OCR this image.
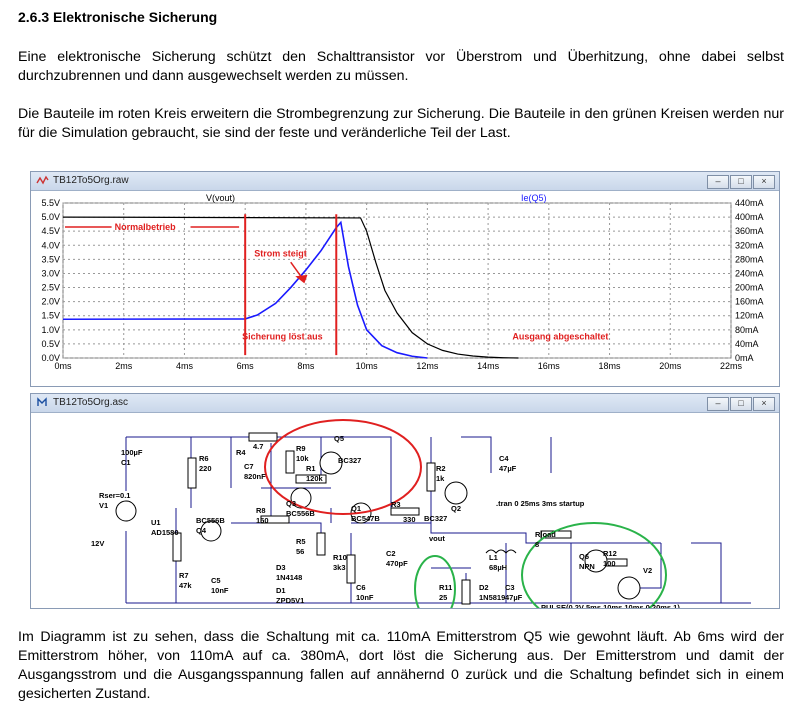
2.6.3 Elektronische Sicherung
Eine elektronische Sicherung schützt den Schalttransistor vor Überstrom und Überhitzung, ohne dabei selbst durchzubrennen und dann ausgewechselt werden zu müssen.
Die Bauteile im roten Kreis erweitern die Strombegrenzung zur Sicherung. Die Bauteile in den grünen Kreisen werden nur für die Simulation gebraucht, sie sind der feste und veränderliche Teil der Last.
TB12To5Org.raw	–	□	×
0.0V	0mA
0.5V	40mA
1.0V	80mA
1.5V	120mA
2.0V	160mA
2.5V	200mA
3.0V	240mA
3.5V	280mA
4.0V	320mA
4.5V	360mA
5.0V	400mA
5.5V	440mA
0ms	2ms	4ms	6ms	8ms	10ms	12ms	14ms	16ms	18ms	20ms	22ms
V(vout)	Ie(Q5)
Normalbetrieb
Strom steigt
Sicherung löst aus	Ausgang abgeschaltet
TB12To5Org.asc	–	□	×
100µF C1	R6 220
Rser=0.1 V1
12V
U1 AD1580
BC556B Q4
R8 150
R7 47k
C5 10nF
R5 56
D3 1N4148
D1 ZPD5V1
R4
4.7	R9 10k
C7 820nF
R1 120k
Q5
BC327
Q3 BC556B
Q1 BC547B
R10 3k3
C6 10nF
R3
330 BC327
Q2
R2 1k
C4 47µF
.tran 0 25ms 3ms startup
vout
C2 470pF
L1 68µH
R11 25
D2 1N5819
C3 47µF
Rload 8
Q6 NPN
R12 100
V2
PULSE(0 2V 5ms 10ms 10ms 0 20ms 1)
Im Diagramm ist zu sehen, dass die Schaltung mit ca. 110mA Emitterstrom Q5 wie gewohnt läuft. Ab 6ms wird der Emitterstrom höher, von 110mA auf ca. 380mA, dort löst die Sicherung aus. Der Emitterstrom und damit der Ausgangsstrom und die Ausgangsspannung fallen auf annähernd 0 zurück und die Schaltung befindet sich in einem gesicherten Zustand.
